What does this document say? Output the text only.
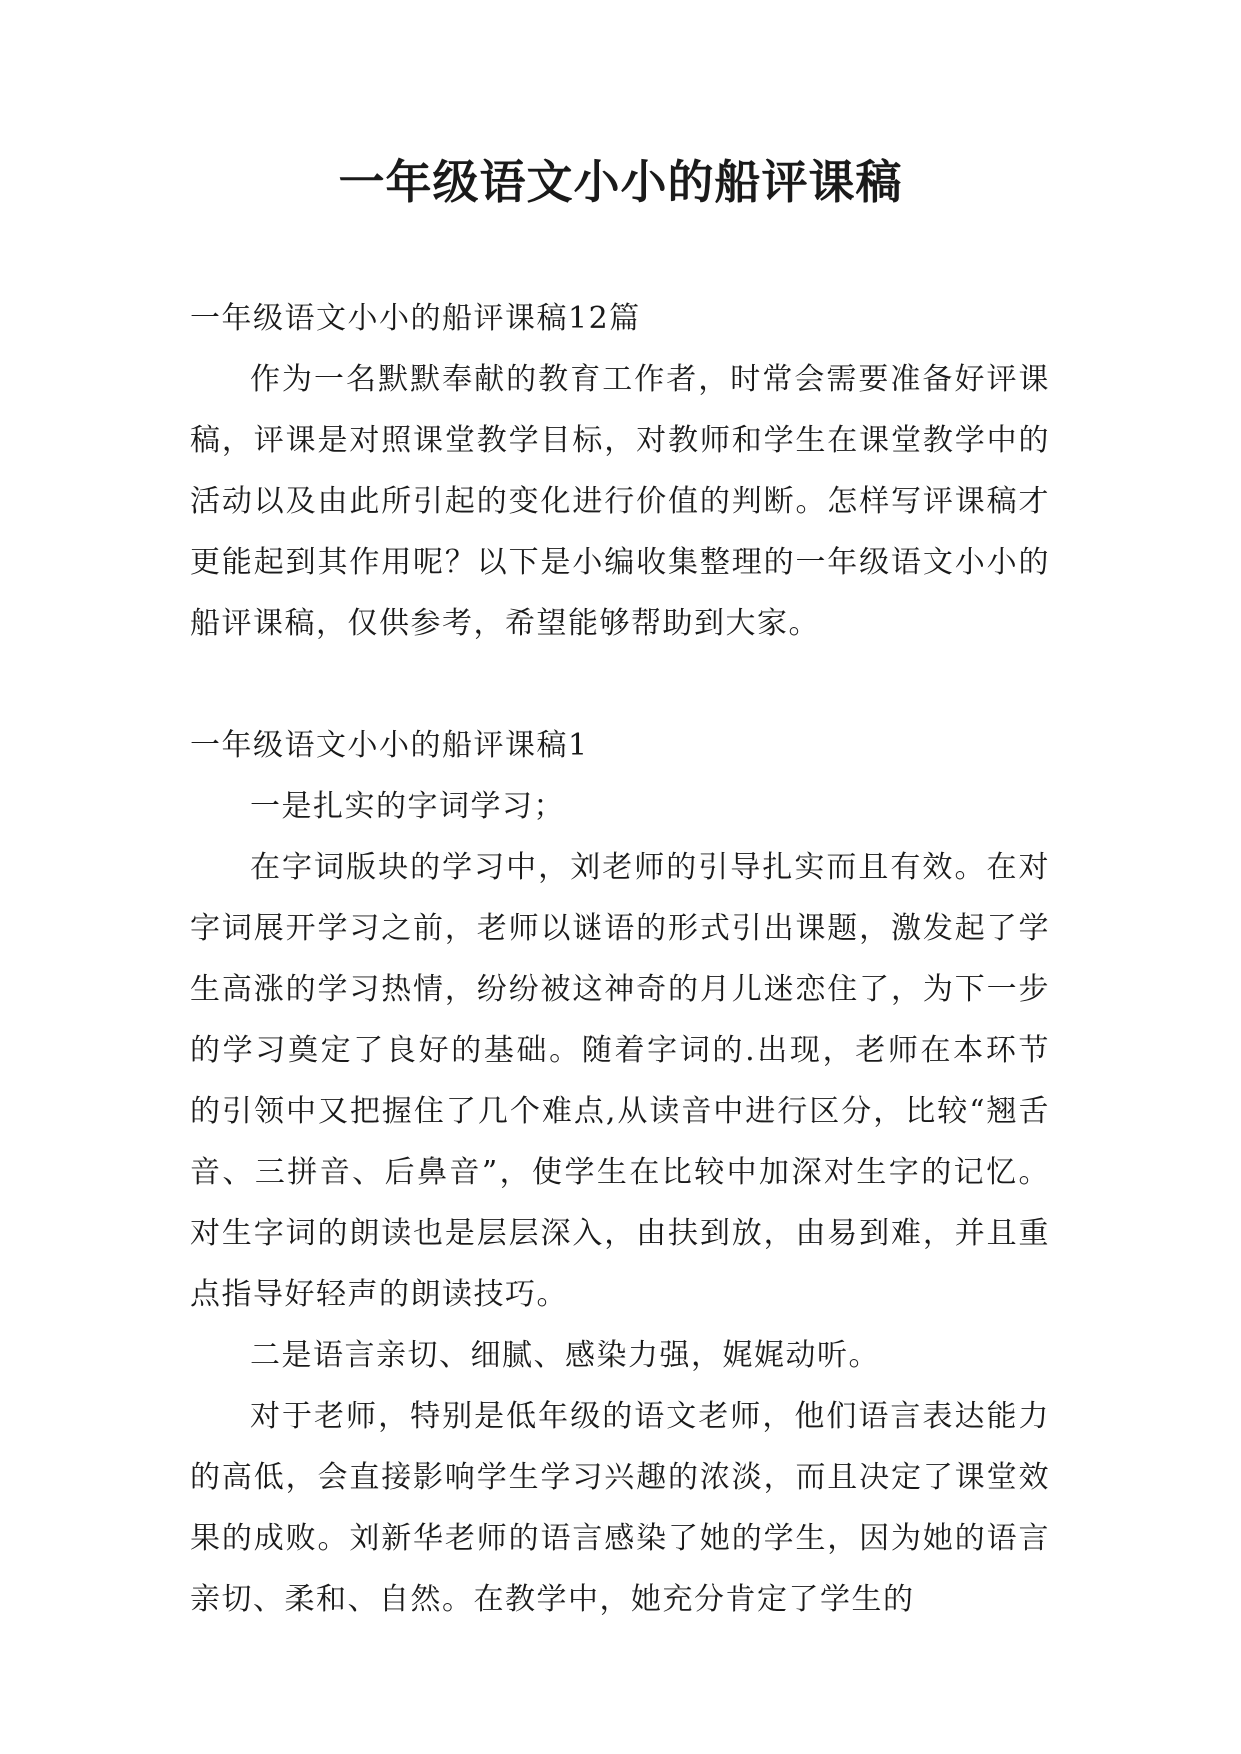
一年级语文小小的船评课稿

一年级语文小小的船评课稿12篇

作为一名默默奉献的教育工作者，时常会需要准备好评课稿，评课是对照课堂教学目标，对教师和学生在课堂教学中的活动以及由此所引起的变化进行价值的判断。怎样写评课稿才更能起到其作用呢？以下是小编收集整理的一年级语文小小的船评课稿，仅供参考，希望能够帮助到大家。

一年级语文小小的船评课稿1

一是扎实的字词学习；

在字词版块的学习中，刘老师的引导扎实而且有效。在对字词展开学习之前，老师以谜语的形式引出课题，激发起了学生高涨的学习热情，纷纷被这神奇的月儿迷恋住了，为下一步的学习奠定了良好的基础。随着字词的.出现，老师在本环节的引领中又把握住了几个难点,从读音中进行区分，比较“翘舌音、三拼音、后鼻音”，使学生在比较中加深对生字的记忆。对生字词的朗读也是层层深入，由扶到放，由易到难，并且重点指导好轻声的朗读技巧。

二是语言亲切、细腻、感染力强，娓娓动听。

对于老师，特别是低年级的语文老师，他们语言表达能力的高低，会直接影响学生学习兴趣的浓淡，而且决定了课堂效果的成败。刘新华老师的语言感染了她的学生，因为她的语言亲切、柔和、自然。在教学中，她充分肯定了学生的
